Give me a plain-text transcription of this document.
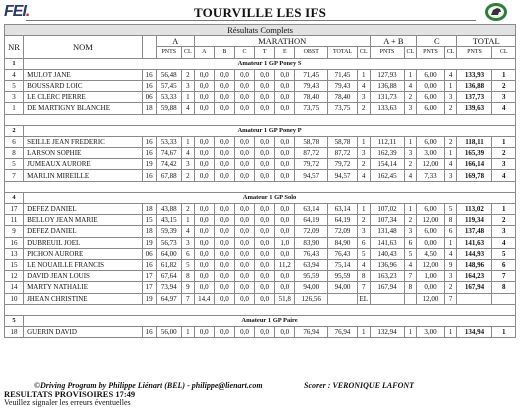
FEI.	TOURVILLE LES IFS
Résultats Complets																		
NR	NOM		A		MARATHON								A + B		C		TOTAL	
			PNTS	CL	A	B	C	T	E	OBST	TOTAL	CL	PNTS	CL	PNTS	CL	PNTS	CL
1	Amateur 1 GP Poney S																	
4	MULOT JANE	16	56,48	2	0,0	0,0	0,0	0,0	0,0	71,45	71,45	1	127,93	1	6,00	4	133,93	1
5	BOUSSARD LOIC	16	57,45	3	0,0	0,0	0,0	0,0	0,0	79,43	79,43	4	136,88	4	0,00	1	136,88	2
3	LE CLERC PIERRE	06	53,33	1	0,0	0,0	0,0	0,0	0,0	78,40	78,40	3	131,73	2	6,00	3	137,73	3
1	DE MARTIGNY BLANCHE	18	59,88	4	0,0	0,0	0,0	0,0	0,0	73,75	73,75	2	133,63	3	6,00	2	139,63	4

2	Amateur 1 GP Poney P																	
6	SEILLE JEAN FREDERIC	16	53,33	1	0,0	0,0	0,0	0,0	0,0	58,78	58,78	1	112,11	1	6,00	2	118,11	1
8	LARSON SOPHIE	16	74,67	4	0,0	0,0	0,0	0,0	0,0	87,72	87,72	3	162,39	3	3,00	1	165,39	2
5	JUMEAUX AURORE	19	74,42	3	0,0	0,0	0,0	0,0	0,0	79,72	79,72	2	154,14	2	12,00	4	166,14	3
7	MARLIN MIREILLE	16	67,88	2	0,0	0,0	0,0	0,0	0,0	94,57	94,57	4	162,45	4	7,33	3	169,78	4

4	Amateur 1 GP Solo																	
17	DEFEZ DANIEL	18	43,88	2	0,0	0,0	0,0	0,0	0,0	63,14	63,14	1	107,02	1	6,00	5	113,02	1
11	BELLOY JEAN MARIE	15	43,15	1	0,0	0,0	0,0	0,0	0,0	64,19	64,19	2	107,34	2	12,00	8	119,34	2
9	DEFEZ DANIEL	18	59,39	4	0,0	0,0	0,0	0,0	0,0	72,09	72,09	3	131,48	3	6,00	6	137,48	3
16	DUBREUIL JOEL	19	56,73	3	0,0	0,0	0,0	0,0	1,0	83,90	84,90	6	141,63	6	0,00	1	141,63	4
13	PICHON AURORE	06	64,00	6	0,0	0,0	0,0	0,0	0,0	76,43	76,43	5	140,43	5	4,50	4	144,93	5
15	LE NOUAILLE FRANCIS	16	61,82	5	0,0	0,0	0,0	0,0	11,2	63,94	75,14	4	136,96	4	12,00	9	148,96	6
12	DAVID JEAN LOUIS	17	67,64	8	0,0	0,0	0,0	0,0	0,0	95,59	95,59	8	163,23	7	1,00	3	164,23	7
14	MARTY NATHALIE	17	73,94	9	0,0	0,0	0,0	0,0	0,0	94,00	94,00	7	167,94	8	0,00	2	167,94	8
10	JHEAN CHRISTINE	19	64,97	7	14,4	0,0	0,0	0,0	51,8	126,56		EL			12,00	7		

5	Amateur 1 GP Paire																	
18	GUERIN DAVID	16	56,00	1	0,0	0,0	0,0	0,0	0,0	76,94	76,94	1	132,94	1	3,00	1	134,94	1
©Driving Program by Philippe Liénart (BEL) - philippe@lienart.com	Scorer : VERONIQUE LAFONT
RESULTATS PROVISOIRES 17:49
Veuillez signaler les erreurs éventuelles
